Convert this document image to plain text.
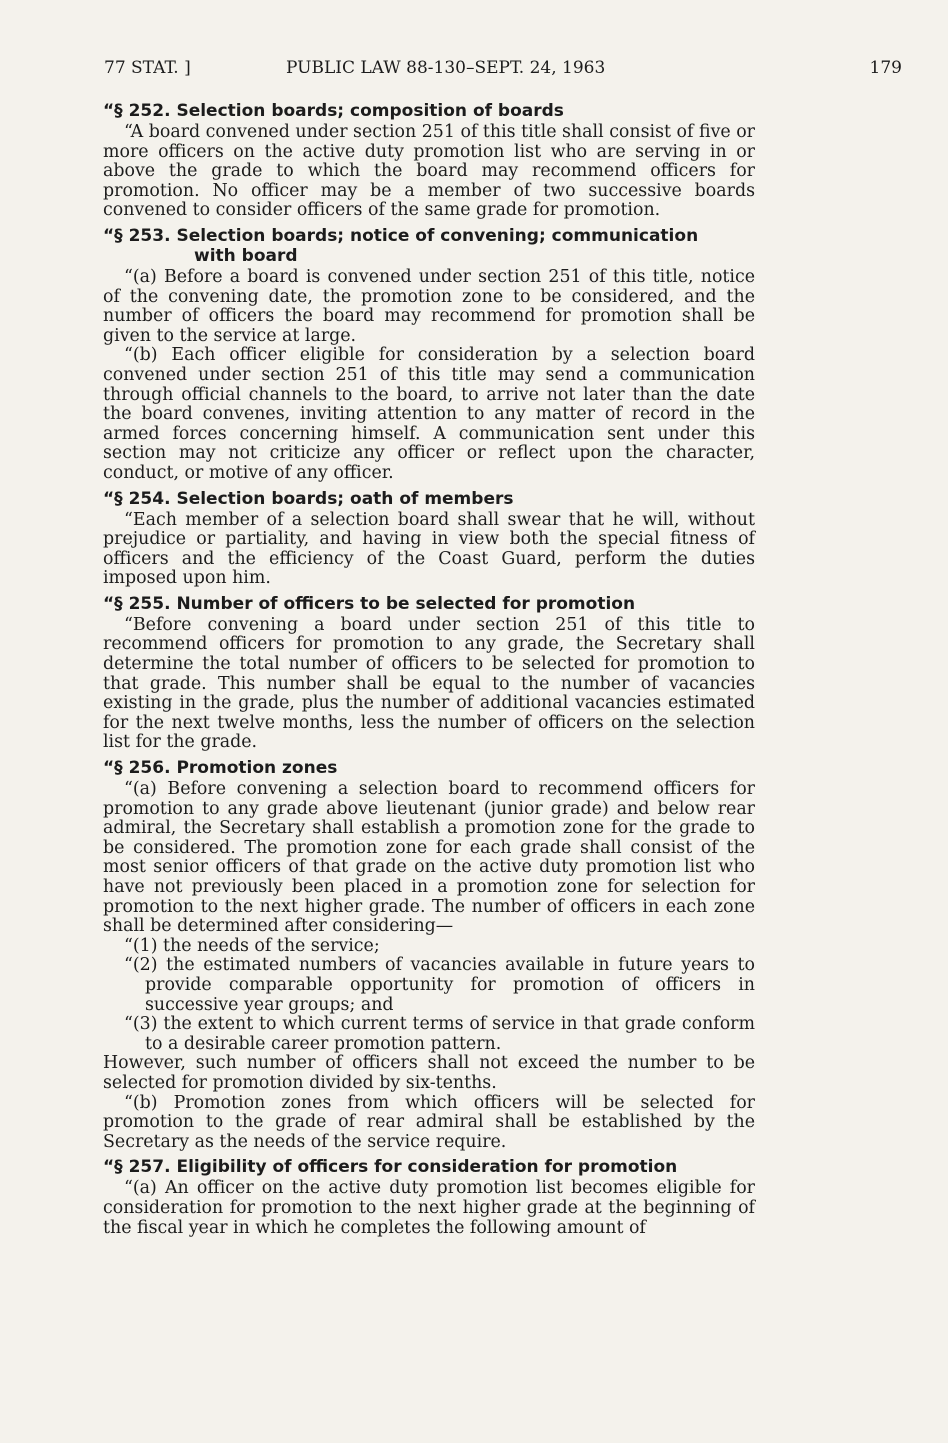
77 STAT. ]	PUBLIC LAW 88-130–SEPT. 24, 1963	179
“§ 252. Selection boards; composition of boards

“A board convened under section 251 of this title shall consist of five or more officers on the active duty promotion list who are serving in or above the grade to which the board may recommend officers for promotion. No officer may be a member of two successive boards convened to consider officers of the same grade for promotion.

“§ 253. Selection boards; notice of convening; communication
with board

“(a) Before a board is convened under section 251 of this title, notice of the convening date, the promotion zone to be considered, and the number of officers the board may recommend for promotion shall be given to the service at large.

“(b) Each officer eligible for consideration by a selection board convened under section 251 of this title may send a communication through official channels to the board, to arrive not later than the date the board convenes, inviting attention to any matter of record in the armed forces concerning himself. A communication sent under this section may not criticize any officer or reflect upon the character, conduct, or motive of any officer.

“§ 254. Selection boards; oath of members

“Each member of a selection board shall swear that he will, without prejudice or partiality, and having in view both the special fitness of officers and the efficiency of the Coast Guard, perform the duties imposed upon him.

“§ 255. Number of officers to be selected for promotion

“Before convening a board under section 251 of this title to recommend officers for promotion to any grade, the Secretary shall determine the total number of officers to be selected for promotion to that grade. This number shall be equal to the number of vacancies existing in the grade, plus the number of additional vacancies estimated for the next twelve months, less the number of officers on the selection list for the grade.

“§ 256. Promotion zones

“(a) Before convening a selection board to recommend officers for promotion to any grade above lieutenant (junior grade) and below rear admiral, the Secretary shall establish a promotion zone for the grade to be considered. The promotion zone for each grade shall consist of the most senior officers of that grade on the active duty promotion list who have not previously been placed in a promotion zone for selection for promotion to the next higher grade. The number of officers in each zone shall be determined after considering—

“(1) the needs of the service;

“(2) the estimated numbers of vacancies available in future years to provide comparable opportunity for promotion of officers in successive year groups; and

“(3) the extent to which current terms of service in that grade conform to a desirable career promotion pattern.

However, such number of officers shall not exceed the number to be selected for promotion divided by six-tenths.

“(b) Promotion zones from which officers will be selected for promotion to the grade of rear admiral shall be established by the Secretary as the needs of the service require.

“§ 257. Eligibility of officers for consideration for promotion

“(a) An officer on the active duty promotion list becomes eligible for consideration for promotion to the next higher grade at the beginning of the fiscal year in which he completes the following amount of
